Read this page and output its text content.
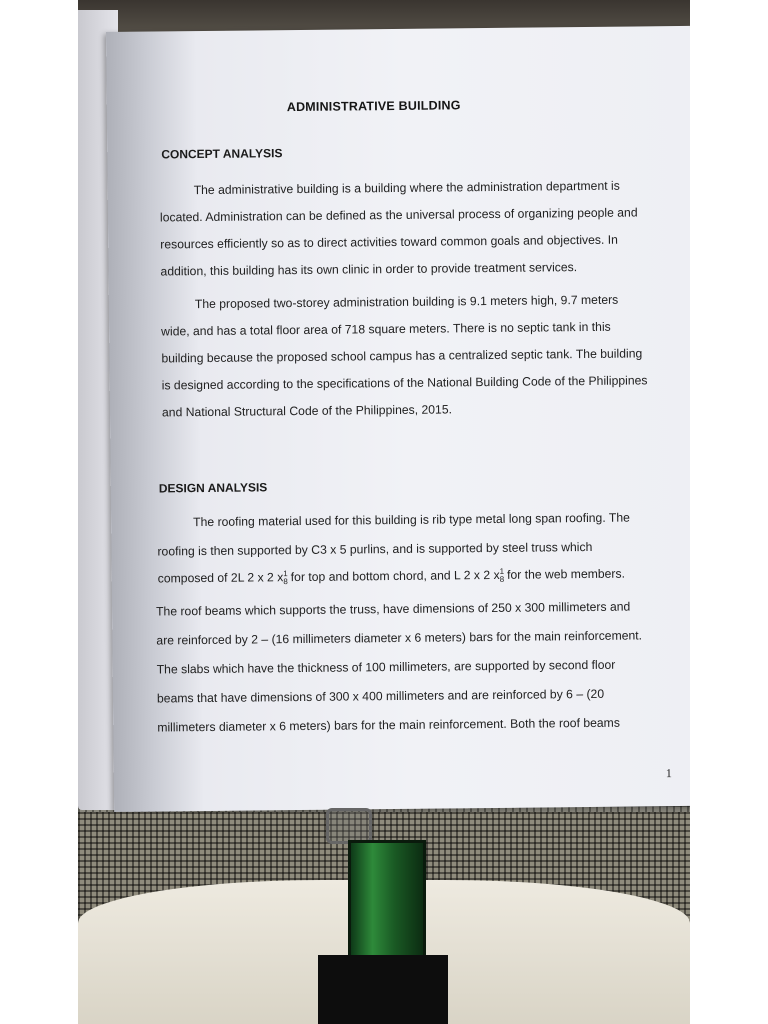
ADMINISTRATIVE BUILDING
CONCEPT ANALYSIS
The administrative building is a building where the administration department is
located. Administration can be defined as the universal process of organizing people and
resources efficiently so as to direct activities toward common goals and objectives. In
addition, this building has its own clinic in order to provide treatment services.
The proposed two-storey administration building is 9.1 meters high, 9.7 meters
wide, and has a total floor area of 718 square meters. There is no septic tank in this
building because the proposed school campus has a centralized septic tank. The building
is designed according to the specifications of the National Building Code of the Philippines
and National Structural Code of the Philippines, 2015.
DESIGN ANALYSIS
The roofing material used for this building is rib type metal long span roofing. The
roofing is then supported by C3 x 5 purlins, and is supported by steel truss which
composed of 2L 2 x 2 x 1
8 for top and bottom chord, and L 2 x 2 x 1
8 for the web members.
The roof beams which supports the truss, have dimensions of 250 x 300 millimeters and
are reinforced by 2 – (16 millimeters diameter x 6 meters) bars for the main reinforcement.
The slabs which have the thickness of 100 millimeters, are supported by second floor
beams that have dimensions of 300 x 400 millimeters and are reinforced by 6 – (20
millimeters diameter x 6 meters) bars for the main reinforcement. Both the roof beams
1
